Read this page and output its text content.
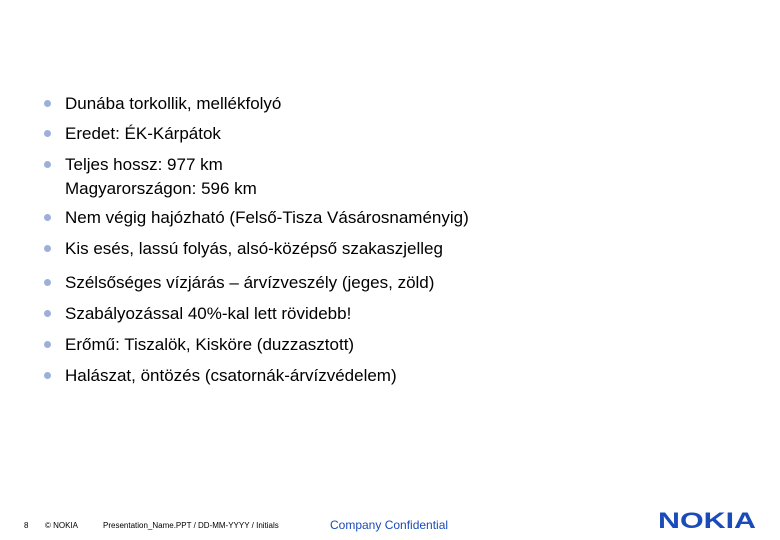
Dunába torkollik, mellékfolyó
Eredet: ÉK-Kárpátok
Teljes hossz: 977 km
Magyarországon: 596 km
Nem végig hajózható (Felső-Tisza Vásárosnaményig)
Kis esés, lassú folyás, alsó-középső szakaszjelleg
Szélsőséges vízjárás – árvízveszély (jeges, zöld)
Szabályozással 40%-kal lett rövidebb!
Erőmű: Tiszalök, Kisköre (duzzasztott)
Halászat, öntözés (csatornák-árvízvédelem)
8 © NOKIA	Presentation_Name.PPT / DD-MM-YYYY / Initials	Company Confidential	NOKIA
